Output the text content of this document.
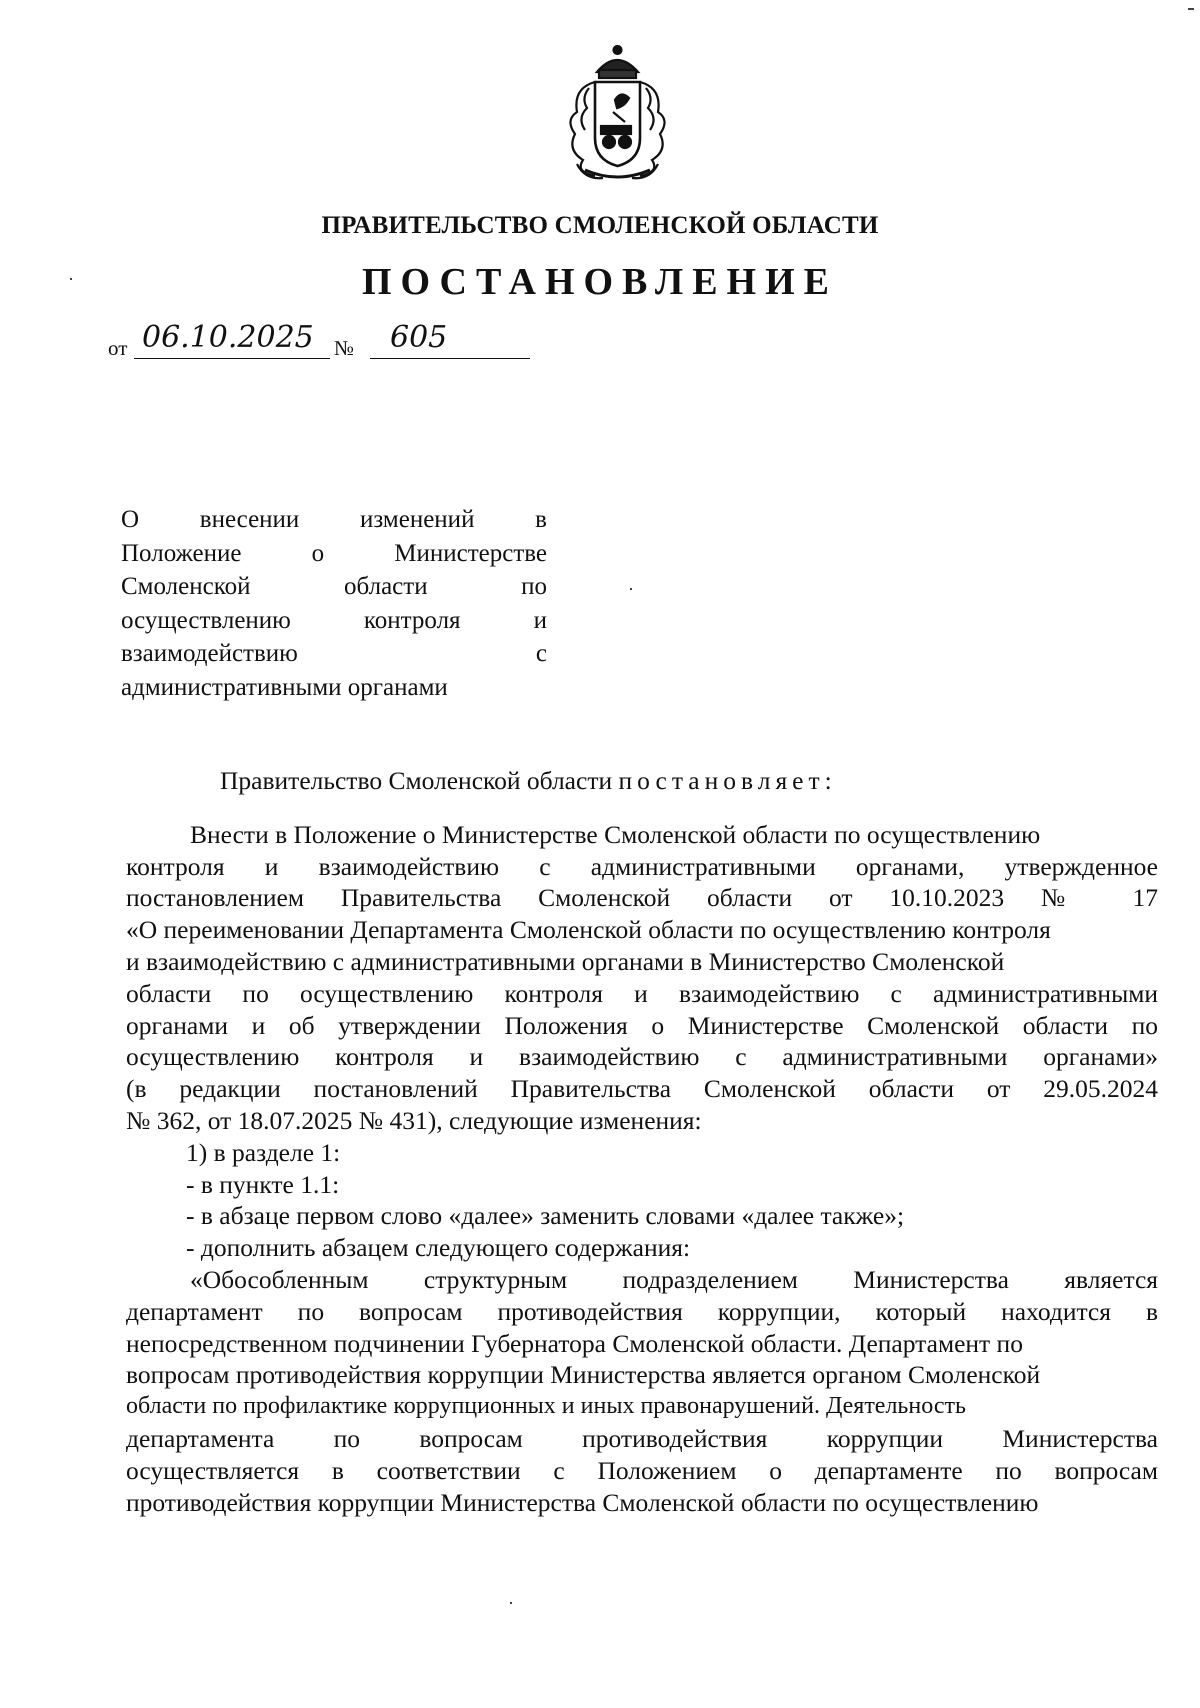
ПРАВИТЕЛЬСТВО СМОЛЕНСКОЙ ОБЛАСТИ
ПОСТАНОВЛЕНИЕ
от 06.10.2025 № 605
О внесении изменений в
Положение	о	Министерстве
Смоленской	области	по
осуществлению	контроля	и
взаимодействию	с
административными органами
Правительство Смоленской области постановляет:
Внести в Положение о Министерстве Смоленской области по осуществлению
контроля и взаимодействию с административными органами, утвержденное
постановлением Правительства Смоленской области от 10.10.2023 № 17
«О переименовании Департамента Смоленской области по осуществлению контроля
и взаимодействию с административными органами в Министерство Смоленской
области по осуществлению контроля и взаимодействию с административными
органами и об утверждении Положения о Министерстве Смоленской области по
осуществлению контроля и взаимодействию с административными органами»
(в редакции постановлений Правительства Смоленской области от 29.05.2024
№ 362, от 18.07.2025 № 431), следующие изменения:
1) в разделе 1:
- в пункте 1.1:
- в абзаце первом слово «далее» заменить словами «далее также»;
- дополнить абзацем следующего содержания:
«Обособленным структурным подразделением Министерства является
департамент по вопросам противодействия коррупции, который находится в
непосредственном подчинении Губернатора Смоленской области. Департамент по
вопросам противодействия коррупции Министерства является органом Смоленской
области по профилактике коррупционных и иных правонарушений. Деятельность
департамента по вопросам противодействия коррупции Министерства
осуществляется в соответствии с Положением о департаменте по вопросам
противодействия коррупции Министерства Смоленской области по осуществлению
